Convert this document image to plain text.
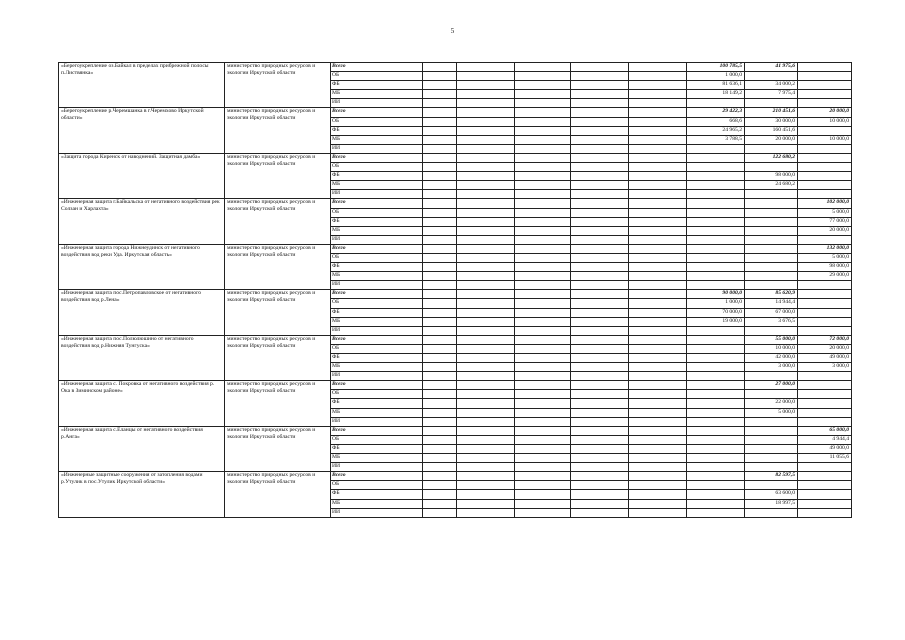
5
«Берегоукрепление оз.Байкал в пределах прибрежной полосы п.Листвянка»	министерство природных ресурсов и экологии Иркутской области	Всего						100 785,5	41 975,6	
		ОБ						1 000,0		
		ФБ						81 636,1	34 000,2	
		МБ						18 149,2	7 975,4	
		ИИ								
«Берегоукрепление р.Черемшанка в г.Черемхово Иркутской области»	министерство природных ресурсов и экологии Иркутской области	Всего						29 422,3	210 451,6	20 000,0
		ОБ						668,6	30 000,0	10 000,0
		ФБ						24 965,2	160 451,6	
		МБ						3 788,5	20 000,0	10 000,0
		ИИ								
«Защита города Киренск от наводнений. Защитная дамба»	министерство природных ресурсов и экологии Иркутской области	Всего							122 680,2	
		ОБ								
		ФБ							98 000,0	
		МБ							24 680,2	
		ИИ								
«Инженерная защита г.Байкальска от негативного воздействия рек Солзан и Харлахта»	министерство природных ресурсов и экологии Иркутской области	Всего								102 000,0
		ОБ								5 000,0
		ФБ								77 000,0
		МБ								20 000,0
		ИИ								
«Инженерная защита города Нижнеудинск от негативного воздействия вод реки Уда. Иркутская область»	министерство природных ресурсов и экологии Иркутской области	Всего								132 000,0
		ОБ								5 000,0
		ФБ								98 000,0
		МБ								29 000,0
		ИИ								
«Инженерная защита пос.Петропавловское от негативного воздействия вод р.Лена»	министерство природных ресурсов и экологии Иркутской области	Всего						90 000,0	85 620,9	
		ОБ						1 000,0	14 944,4	
		ФБ						70 000,0	67 000,0	
		МБ						19 000,0	3 676,5	
		ИИ								
«Инженерная защита пос.Полюлюшино от негативного воздействия вод р.Нижняя Тунгуска»	министерство природных ресурсов и экологии Иркутской области	Всего							55 000,0	72 000,0
		ОБ							10 000,0	20 000,0
		ФБ							42 000,0	49 000,0
		МБ							3 000,0	3 000,0
		ИИ								
«Инженерная защита с. Покровка от негативного воздействия р. Ока в Зиминском районе»	министерство природных ресурсов и экологии Иркутской области	Всего							27 000,0	
		ОБ								
		ФБ							22 000,0	
		МБ							5 000,0	
		ИИ								
«Инженерная защита с.Еланцы от негативного воздействия р.Анга»	министерство природных ресурсов и экологии Иркутской области	Всего								65 000,0
		ОБ								4 944,4
		ФБ								49 000,0
		МБ								11 055,6
		ИИ								
«Инженерные защитные сооружения от затопления водами р.Утулик в пос.Утулик Иркутской области»	министерство природных ресурсов и экологии Иркутской области	Всего							82 597,5	
		ОБ								
		ФБ							63 600,0	
		МБ							18 997,5	
		ИИ								
